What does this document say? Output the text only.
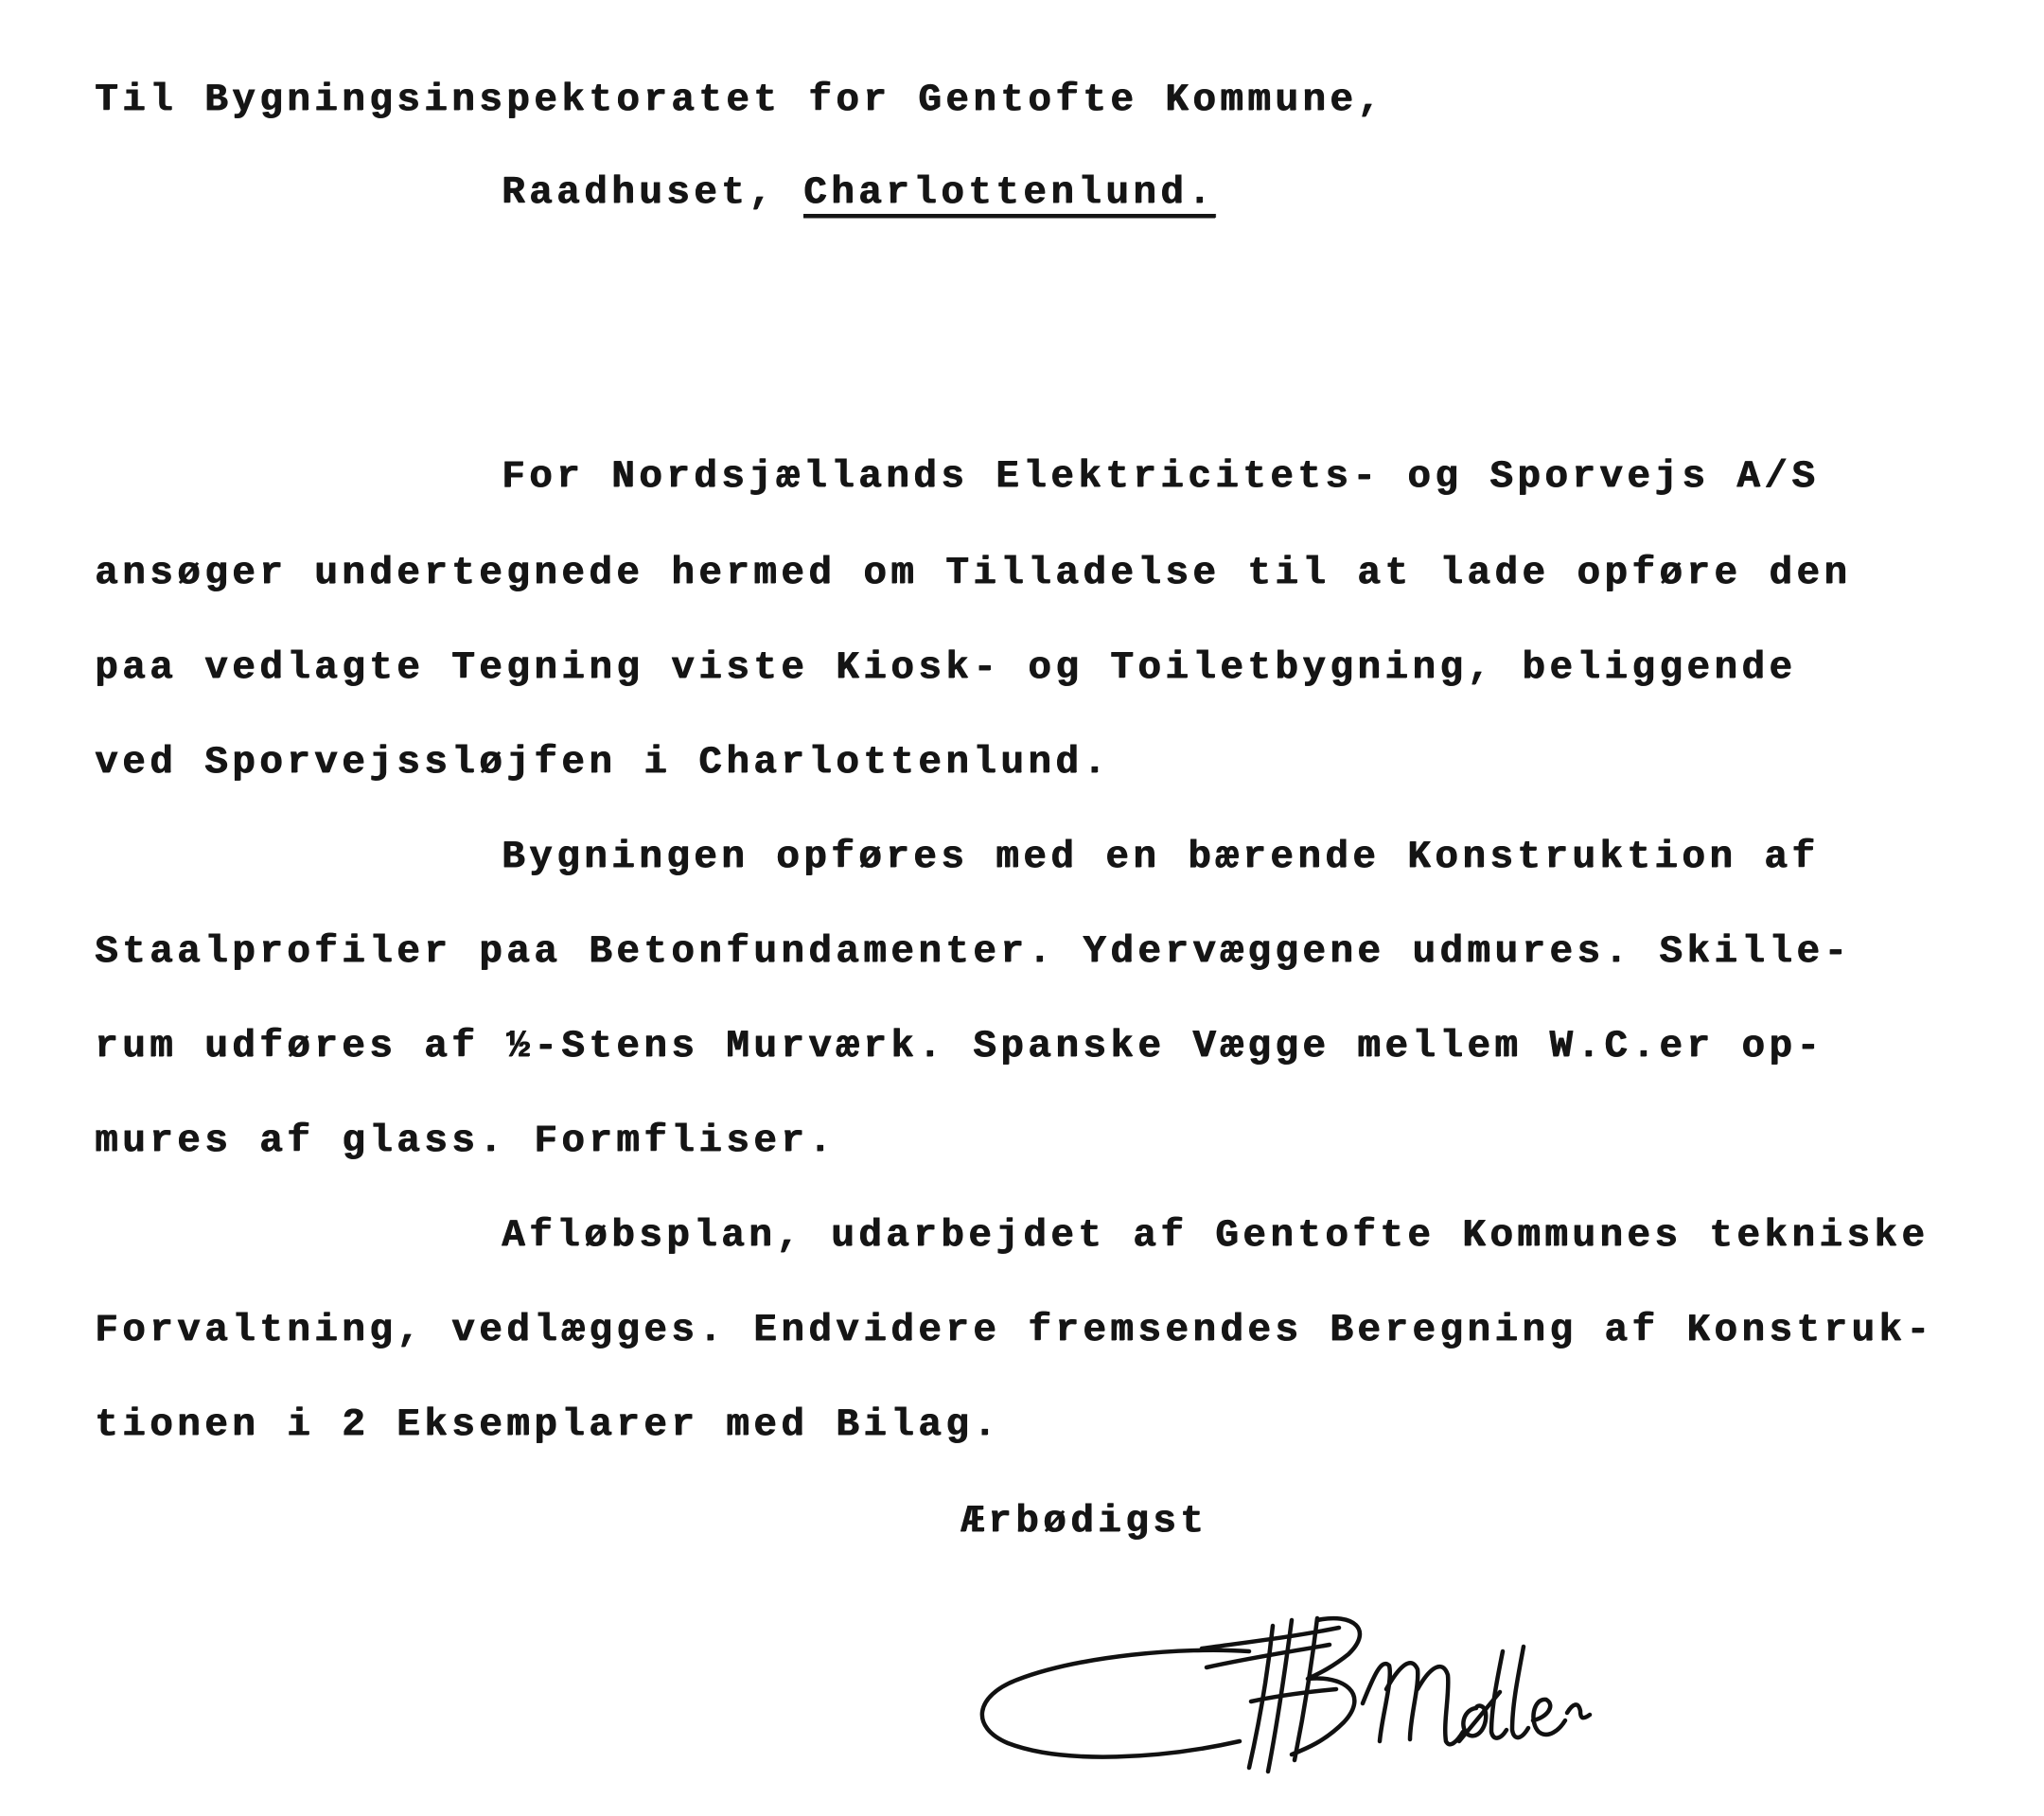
Til Bygningsinspektoratet for Gentofte Kommune,
Raadhuset, Charlottenlund.
For Nordsjællands Elektricitets- og Sporvejs A/S
ansøger undertegnede hermed om Tilladelse til at lade opføre den
paa vedlagte Tegning viste Kiosk- og Toiletbygning, beliggende
ved Sporvejssløjfen i Charlottenlund.
Bygningen opføres med en bærende Konstruktion af
Staalprofiler paa Betonfundamenter. Ydervæggene udmures. Skille-
rum udføres af ½-Stens Murværk. Spanske Vægge mellem W.C.er op-
mures af glass. Formfliser.
Afløbsplan, udarbejdet af Gentofte Kommunes tekniske
Forvaltning, vedlægges. Endvidere fremsendes Beregning af Konstruk-
tionen i 2 Eksemplarer med Bilag.
Ærbødigst
